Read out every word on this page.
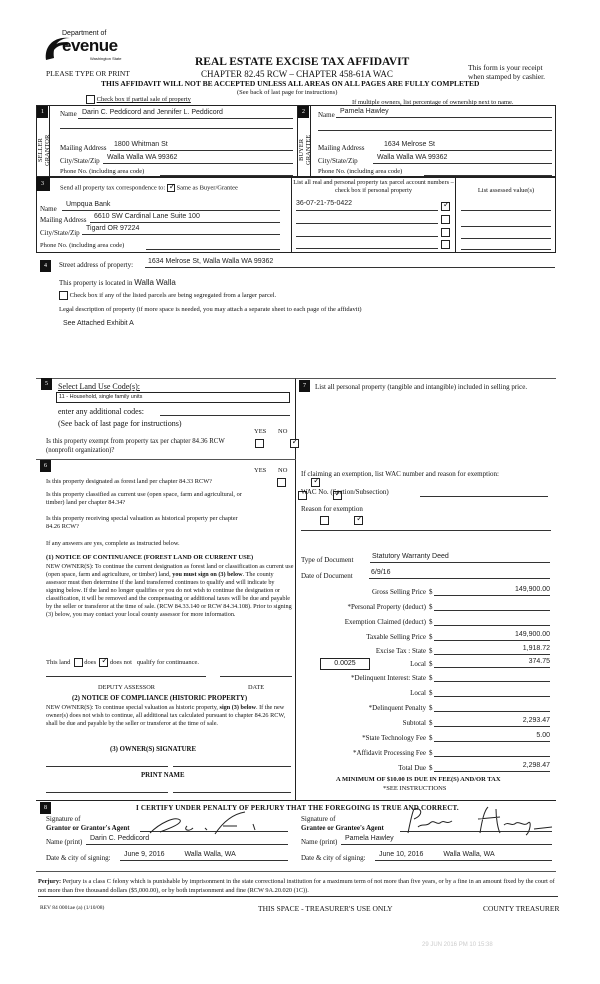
Department of
evenue
Washington State
PLEASE TYPE OR PRINT
REAL ESTATE EXCISE TAX AFFIDAVIT
CHAPTER 82.45 RCW – CHAPTER 458-61A WAC
This form is your receipt
when stamped by cashier.
THIS AFFIDAVIT WILL NOT BE ACCEPTED UNLESS ALL AREAS ON ALL PAGES ARE FULLY COMPLETED
(See back of last page for instructions)
Check box if partial sale of property	If multiple owners, list percentage of ownership next to name.
1
SELLER
GRANTOR
Name Darin C. Peddicord and Jennifer L. Peddicord
Mailing Address	1800 Whitman St
City/State/Zip	Walla Walla WA 99362
Phone No. (including area code)
2
BUYER
GRANTEE
Name Pamela Hawley
Mailing Address	1634 Melrose St
City/State/Zip	Walla Walla WA 99362
Phone No. (including area code)
3
Send all property tax correspondence to: ✓ Same as Buyer/Grantee
Name
Umpqua Bank
Mailing Address	6610 SW Cardinal Lane Suite 100
City/State/Zip
Tigard OR 97224
Phone No. (including area code)
List all real and personal property tax parcel account numbers – check box if personal property	List assessed value(s)
36-07-21-75-0422
✓
4	Street address of property:	1634 Melrose St, Walla Walla WA 99362
This property is located in Walla Walla
Check box if any of the listed parcels are being segregated from a larger parcel.
Legal description of property (if more space is needed, you may attach a separate sheet to each page of the affidavit)
See Attached Exhibit A
5	Select Land Use Code(s):
11 - Household, single family units
enter any additional codes:
(See back of last page for instructions)
YES NO
Is this property exempt from property tax per chapter 84.36 RCW (nonprofit organization)?
✓
6
YES NO
Is this property designated as forest land per chapter 84.33 RCW?
✓
Is this property classified as current use (open space, farm and agricultural, or timber) land per chapter 84.34?
✓
Is this property receiving special valuation as historical property per chapter 84.26 RCW?
✓
If any answers are yes, complete as instructed below.
(1) NOTICE OF CONTINUANCE (FOREST LAND OR CURRENT USE)
NEW OWNER(S): To continue the current designation as forest land or classification as current use (open space, farm and agriculture, or timber) land, you must sign on (3) below. The county assessor must then determine if the land transferred continues to qualify and will indicate by signing below. If the land no longer qualifies or you do not wish to continue the designation or classification, it will be removed and the compensating or additional taxes will be due and payable by the seller or transferor at the time of sale. (RCW 84.33.140 or RCW 84.34.108). Prior to signing (3) below, you may contact your local county assessor for more information.
This land does ✓ does not qualify for continuance.
DEPUTY ASSESSOR	DATE
(2) NOTICE OF COMPLIANCE (HISTORIC PROPERTY)
NEW OWNER(S): To continue special valuation as historic property, sign (3) below. If the new owner(s) does not wish to continue, all additional tax calculated pursuant to chapter 84.26 RCW, shall be due and payable by the seller or transferor at the time of sale.
(3) OWNER(S) SIGNATURE
PRINT NAME
7	List all personal property (tangible and intangible) included in selling price.
If claiming an exemption, list WAC number and reason for exemption:
WAC No. (Section/Subsection)
Reason for exemption
Type of Document	Statutory Warranty Deed
Date of Document	6/9/16
Gross Selling Price $	149,900.00
*Personal Property (deduct) $
Exemption Claimed (deduct) $
Taxable Selling Price $	149,900.00
Excise Tax : State $	1,918.72
0.0025	Local $	374.75
*Delinquent Interest: State $
Local $
*Delinquent Penalty $
Subtotal $	2,293.47
*State Technology Fee $	5.00
*Affidavit Processing Fee $
Total Due $	2,298.47
A MINIMUM OF $10.00 IS DUE IN FEE(S) AND/OR TAX
*SEE INSTRUCTIONS
8	I CERTIFY UNDER PENALTY OF PERJURY THAT THE FOREGOING IS TRUE AND CORRECT.
Signature of
Grantor or Grantor's Agent
Name (print)	Darin C. Peddicord
Date & city of signing:	June 9, 2016	Walla Walla, WA
Signature of
Grantee or Grantee's Agent
Name (print)	Pamela Hawley
Date & city of signing:	June 10, 2016	Walla Walla, WA
Perjury: Perjury is a class C felony which is punishable by imprisonment in the state correctional institution for a maximum term of not more than five years, or by a fine in an amount fixed by the court of not more than five thousand dollars ($5,000.00), or by both imprisonment and fine (RCW 9A.20.020 (1C)).
REV 84 0001ae (a) (1/10/08)	THIS SPACE - TREASURER'S USE ONLY	COUNTY TREASURER
29 JUN 2016 PM 10 15:38
